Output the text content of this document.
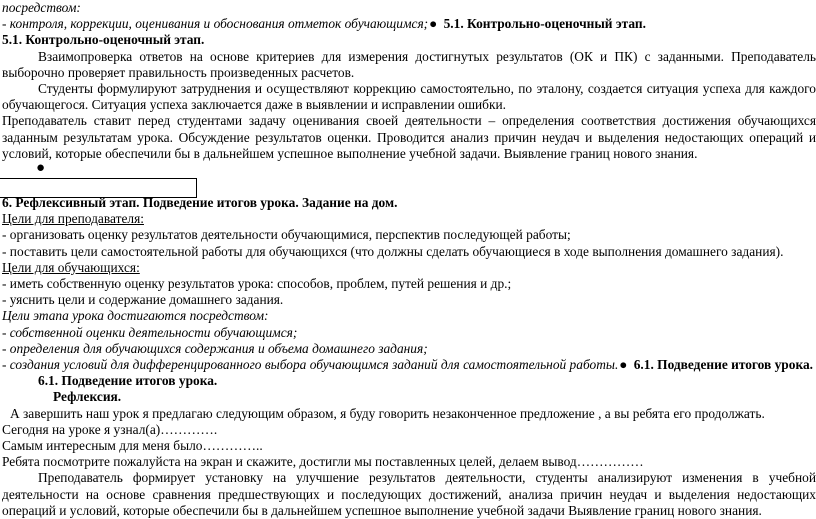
посредством:
- контроля, коррекции, оценивания и обоснования отметок обучающимся;● 5.1. Контрольно-оценочный этап.
5.1. Контрольно-оценочный этап.
Взаимопроверка ответов на основе критериев для измерения достигнутых результатов (ОК и ПК) с заданными. Преподаватель выборочно проверяет правильность произведенных расчетов.
Студенты формулируют затруднения и осуществляют коррекцию самостоятельно, по эталону, создается ситуация успеха для каждого обучающегося. Ситуация успеха заключается даже в выявлении и исправлении ошибки.
Преподаватель ставит перед студентами задачу оценивания своей деятельности – определения соответствия достижения обучающихся заданным результатам урока. Обсуждение результатов оценки. Проводится анализ причин неудач и выделения недостающих операций и условий, которые обеспечили бы в дальнейшем успешное выполнение учебной задачи. Выявление границ нового знания.
●
6. Рефлексивный этап. Подведение итогов урока. Задание на дом.
Цели для преподавателя:
- организовать оценку результатов деятельности обучающимися, перспектив последующей работы;
- поставить цели самостоятельной работы для обучающихся (что должны сделать обучающиеся в ходе выполнения домашнего задания).
Цели для обучающихся:
- иметь собственную оценку результатов урока: способов, проблем, путей решения и др.;
- уяснить цели и содержание домашнего задания.
Цели этапа урока достигаются посредством:
- собственной оценки деятельности обучающимся;
- определения для обучающихся содержания и объема домашнего задания;
- создания условий для дифференцированного выбора обучающимся заданий для самостоятельной работы.● 6.1. Подведение итогов урока.
6.1. Подведение итогов урока.
Рефлексия.
А завершить наш урок я предлагаю следующим образом, я буду говорить незаконченное предложение , а вы ребята его продолжать.
Сегодня на уроке я узнал(а)………….
Самым интересным для меня было…………..
Ребята посмотрите пожалуйста на экран и скажите, достигли мы поставленных целей, делаем вывод……………
Преподаватель формирует установку на улучшение результатов деятельности, студенты анализируют изменения в учебной деятельности на основе сравнения предшествующих и последующих достижений, анализа причин неудач и выделения недостающих операций и условий, которые обеспечили бы в дальнейшем успешное выполнение учебной задачи Выявление границ нового знания.
